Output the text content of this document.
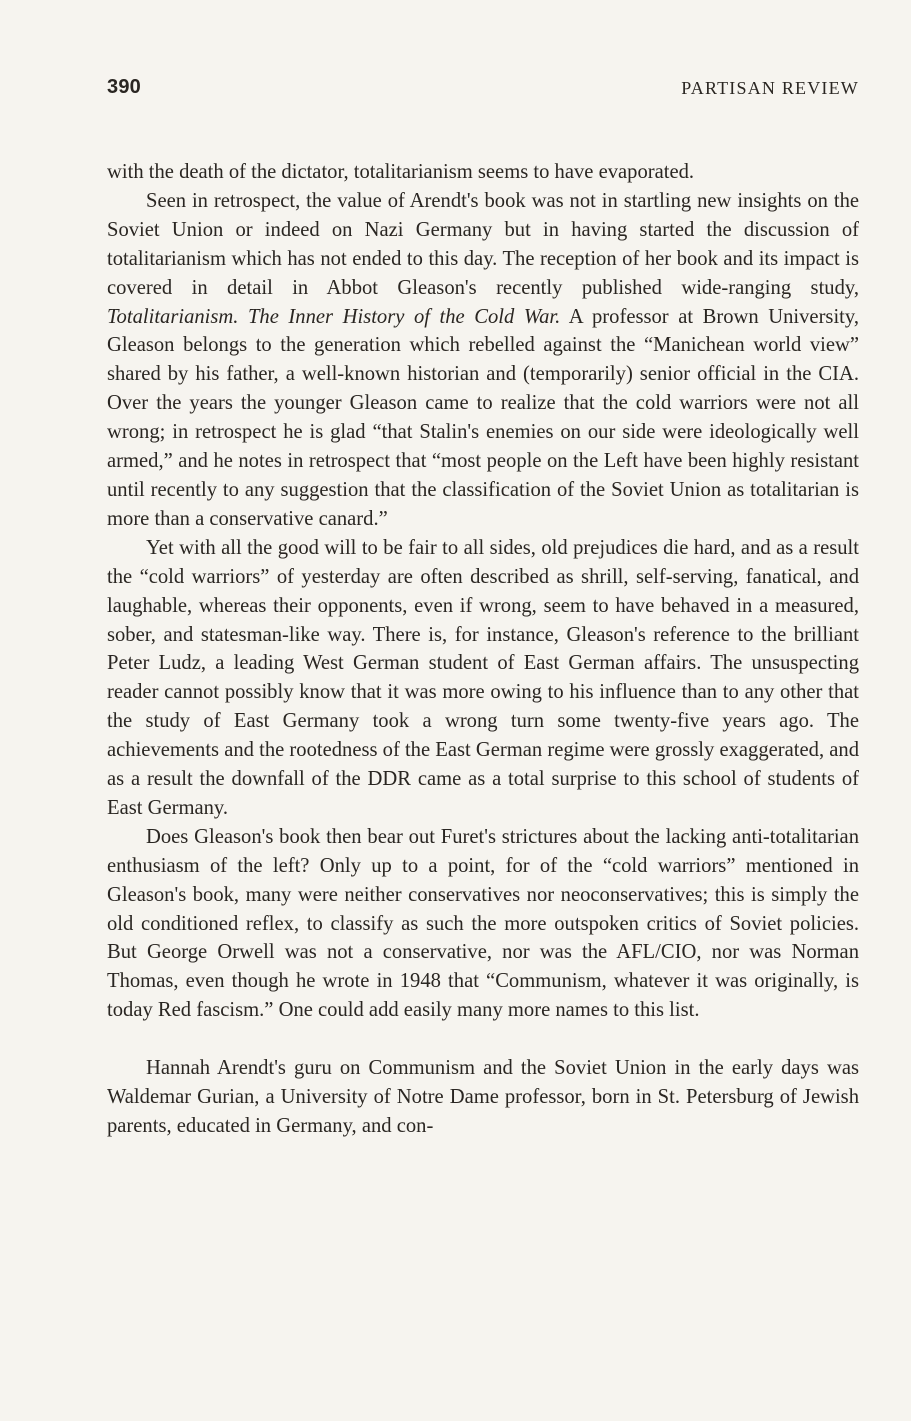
390	PARTISAN REVIEW

with the death of the dictator, totalitarianism seems to have evaporated.

Seen in retrospect, the value of Arendt's book was not in startling new insights on the Soviet Union or indeed on Nazi Germany but in having started the discussion of totalitarianism which has not ended to this day. The reception of her book and its impact is covered in detail in Abbot Gleason's recently published wide-ranging study, Totalitarianism. The Inner History of the Cold War. A professor at Brown University, Gleason belongs to the generation which rebelled against the “Manichean world view” shared by his father, a well-known historian and (temporarily) senior official in the CIA. Over the years the younger Gleason came to realize that the cold warriors were not all wrong; in retrospect he is glad “that Stalin's enemies on our side were ideologically well armed,” and he notes in retrospect that “most people on the Left have been highly resistant until recently to any suggestion that the classification of the Soviet Union as totalitarian is more than a conservative canard.”

Yet with all the good will to be fair to all sides, old prejudices die hard, and as a result the “cold warriors” of yesterday are often described as shrill, self-serving, fanatical, and laughable, whereas their opponents, even if wrong, seem to have behaved in a measured, sober, and statesman-like way. There is, for instance, Gleason's reference to the brilliant Peter Ludz, a leading West German student of East German affairs. The unsuspecting reader cannot possibly know that it was more owing to his influence than to any other that the study of East Germany took a wrong turn some twenty-five years ago. The achievements and the rootedness of the East German regime were grossly exaggerated, and as a result the downfall of the DDR came as a total surprise to this school of students of East Germany.

Does Gleason's book then bear out Furet's strictures about the lacking anti-totalitarian enthusiasm of the left? Only up to a point, for of the “cold warriors” mentioned in Gleason's book, many were neither conservatives nor neoconservatives; this is simply the old conditioned reflex, to classify as such the more outspoken critics of Soviet policies. But George Orwell was not a conservative, nor was the AFL/CIO, nor was Norman Thomas, even though he wrote in 1948 that “Communism, whatever it was originally, is today Red fascism.” One could add easily many more names to this list.

Hannah Arendt's guru on Communism and the Soviet Union in the early days was Waldemar Gurian, a University of Notre Dame professor, born in St. Petersburg of Jewish parents, educated in Germany, and con-
